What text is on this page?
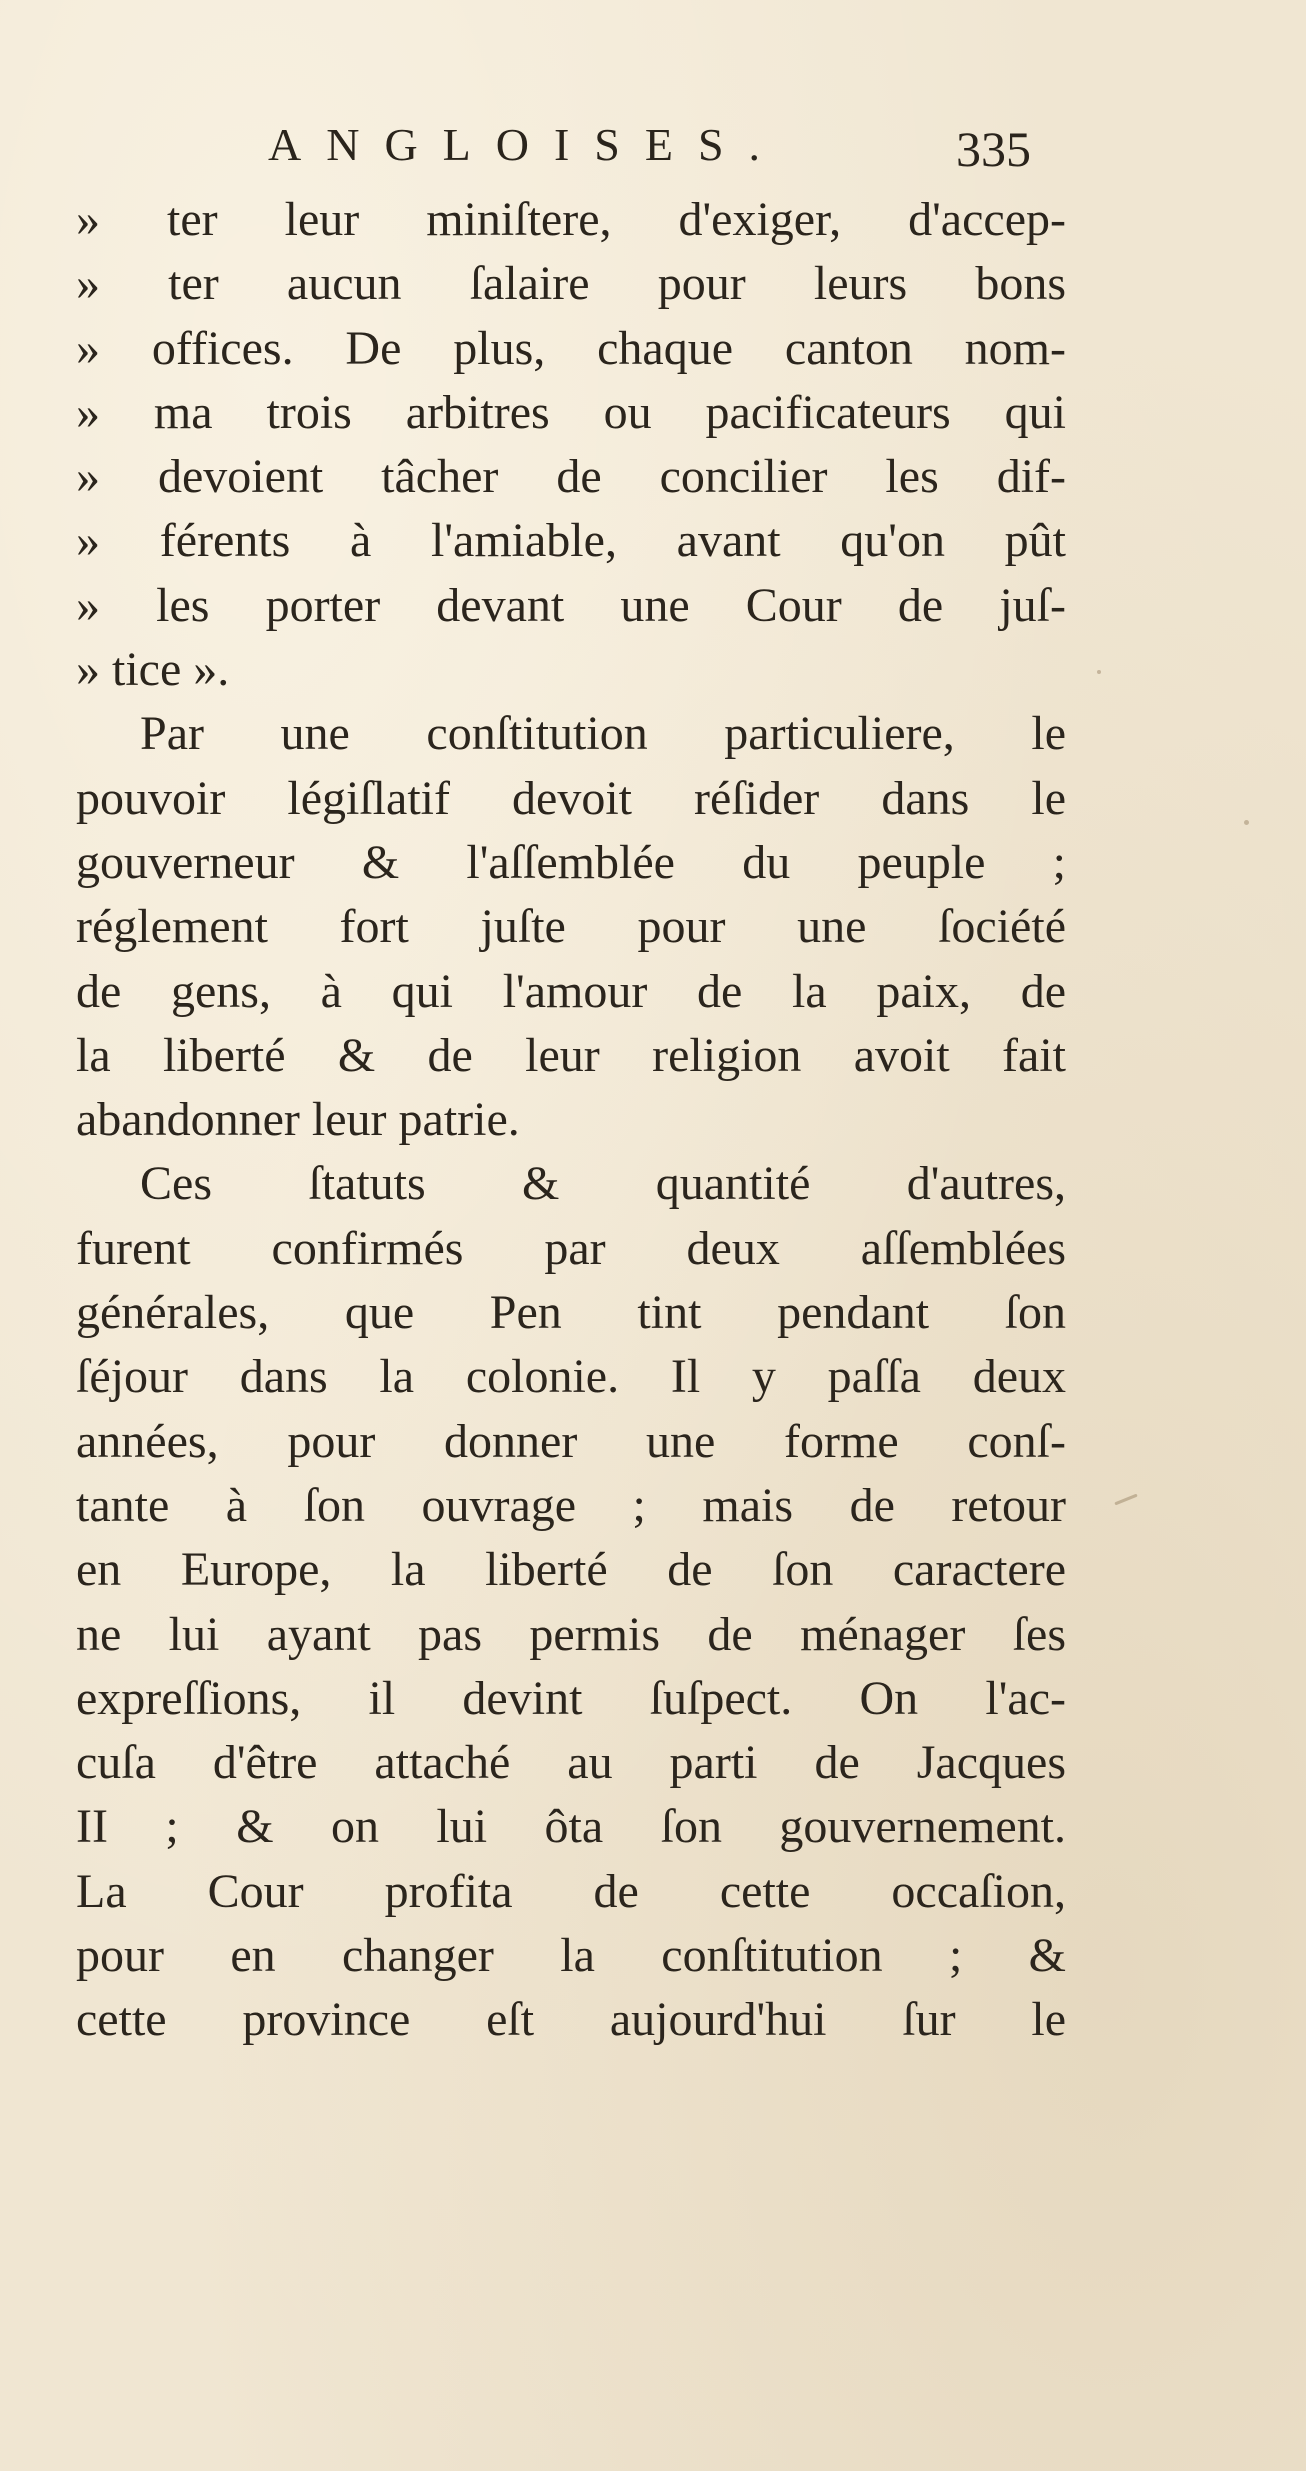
ANGLOISES.	335
» ter leur miniſtere, d'exiger, d'accep-
» ter aucun ſalaire pour leurs bons
» offices. De plus, chaque canton nom-
» ma trois arbitres ou pacificateurs qui
» devoient tâcher de concilier les dif-
» férents à l'amiable, avant qu'on pût
» les porter devant une Cour de juſ-
» tice ».
Par une conſtitution particuliere, le
pouvoir légiſlatif devoit réſider dans le
gouverneur & l'aſſemblée du peuple ;
réglement fort juſte pour une ſociété
de gens, à qui l'amour de la paix, de
la liberté & de leur religion avoit fait
abandonner leur patrie.
Ces ſtatuts & quantité d'autres,
furent confirmés par deux aſſemblées
générales, que Pen tint pendant ſon
ſéjour dans la colonie. Il y paſſa deux
années, pour donner une forme conſ-
tante à ſon ouvrage ; mais de retour
en Europe, la liberté de ſon caractere
ne lui ayant pas permis de ménager ſes
expreſſions, il devint ſuſpect. On l'ac-
cuſa d'être attaché au parti de Jacques
II ; & on lui ôta ſon gouvernement.
La Cour profita de cette occaſion,
pour en changer la conſtitution ; &
cette province eſt aujourd'hui ſur le
